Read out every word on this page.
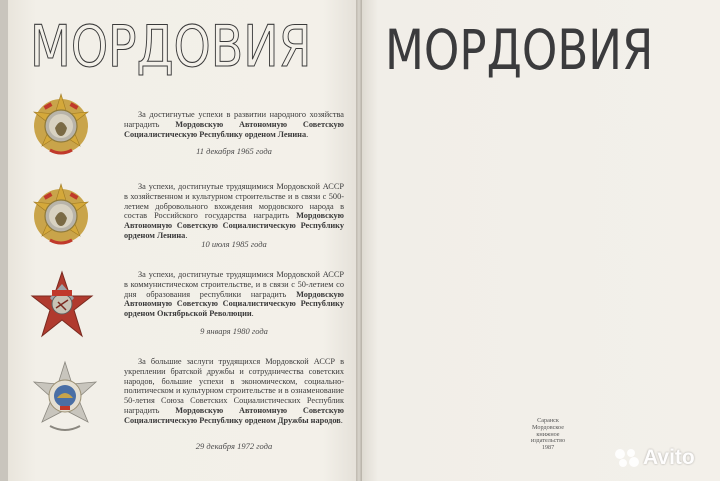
МОРДОВИЯ МОРДОВИЯ
За достигнутые успехи в развитии народного хозяйства наградить Мордовскую Автономную Советскую Социалистическую Республику орденом Ленина.
11 декабря 1965 года
За успехи, достигнутые трудящимися Мордовской АССР в хозяйственном и культурном строительстве и в связи с 500-летием добровольного вхождения мордовского народа в состав Российского государства наградить Мордовскую Автономную Советскую Социалистическую Республику орденом Ленина.
10 июля 1985 года
За успехи, достигнутые трудящимися Мордовской АССР в коммунистическом строительстве, и в связи с 50-летием со дня образования республики наградить Мордовскую Автономную Советскую Социалистическую Республику орденом Октябрьской Революции.
9 января 1980 года
За большие заслуги трудящихся Мордовской АССР в укреплении братской дружбы и сотрудничества советских народов, большие успехи в экономическом, социально-политическом и культурном строительстве и в ознаменование 50-летия Союза Советских Социалистических Республик наградить Мордовскую Автономную Советскую Социалистическую Республику орденом Дружбы народов.
29 декабря 1972 года
Саранск
Мордовское
книжное
издательство
1987	Avito
